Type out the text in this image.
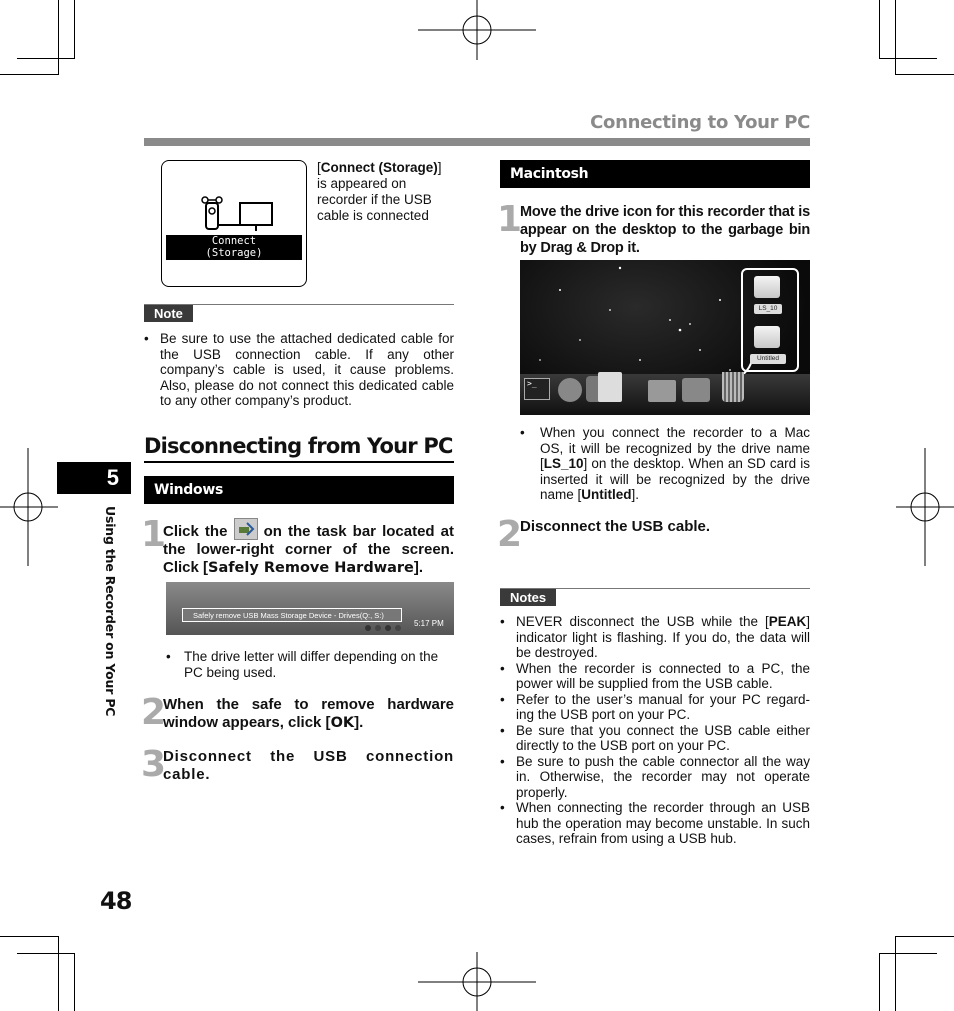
Connecting to Your PC
Connect
(Storage)
[Connect (Storage)] is appeared on recorder if the USB cable is connected
Note
• Be sure to use the attached dedicated cable for the USB connection cable. If any other company’s cable is used, it cause problems. Also, please do not connect this dedicated cable to any other company’s product.
Disconnecting from Your PC
Windows
1
Click the on the task bar located at the lower-right corner of the screen. Click [Safely Remove Hardware].
Safely remove USB Mass Storage Device - Drives(Q:, S:)
5:17 PM
• The drive letter will differ depending on the PC being used.
2
When the safe to remove hardware window appears, click [OK].
3
Disconnect the USB connection cable.
Macintosh
1
Move the drive icon for this recorder that is appear on the desktop to the garbage bin by Drag & Drop it.
LS_10
Untitled
>_
• When you connect the recorder to a Mac OS, it will be recognized by the drive name [LS_10] on the desktop. When an SD card is inserted it will be recognized by the drive name [Untitled].
2
Disconnect the USB cable.
Notes
• NEVER disconnect the USB while the [PEAK] indicator light is flashing. If you do, the data will be destroyed.
• When the recorder is connected to a PC, the power will be supplied from the USB cable.
• Refer to the user’s manual for your PC regard-ing the USB port on your PC.
• Be sure that you connect the USB cable either directly to the USB port on your PC.
• Be sure to push the cable connector all the way in. Otherwise, the recorder may not operate properly.
• When connecting the recorder through an USB hub the operation may become unstable. In such cases, refrain from using a USB hub.
5
Using the Recorder on Your PC
48
